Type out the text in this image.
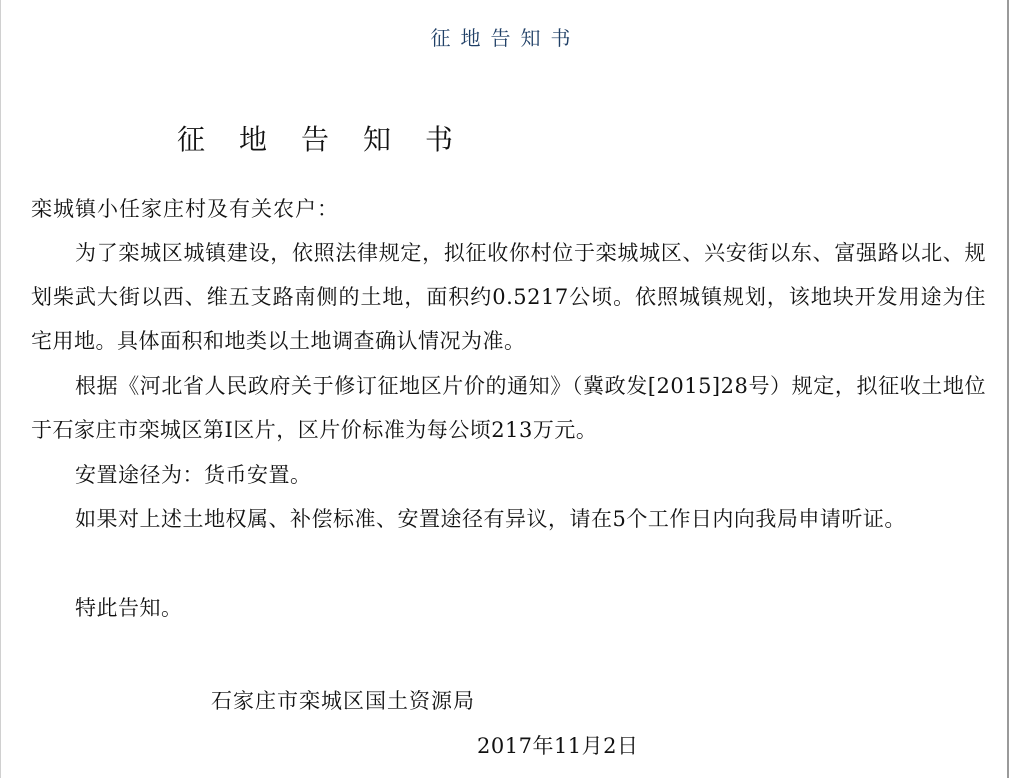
征地告知书
征地告知书
栾城镇小任家庄村及有关农户：
为了栾城区城镇建设，依照法律规定，拟征收你村位于栾城城区、兴安街以东、富强路以北、规划柴武大街以西、维五支路南侧的土地，面积约0.5217公顷。依照城镇规划，该地块开发用途为住宅用地。具体面积和地类以土地调查确认情况为准。
根据《河北省人民政府关于修订征地区片价的通知》（冀政发[2015]28号）规定，拟征收土地位于石家庄市栾城区第I区片，区片价标准为每公顷213万元。
安置途径为：货币安置。
如果对上述土地权属、补偿标准、安置途径有异议，请在5个工作日内向我局申请听证。
特此告知。
石家庄市栾城区国土资源局
2017年11月2日
